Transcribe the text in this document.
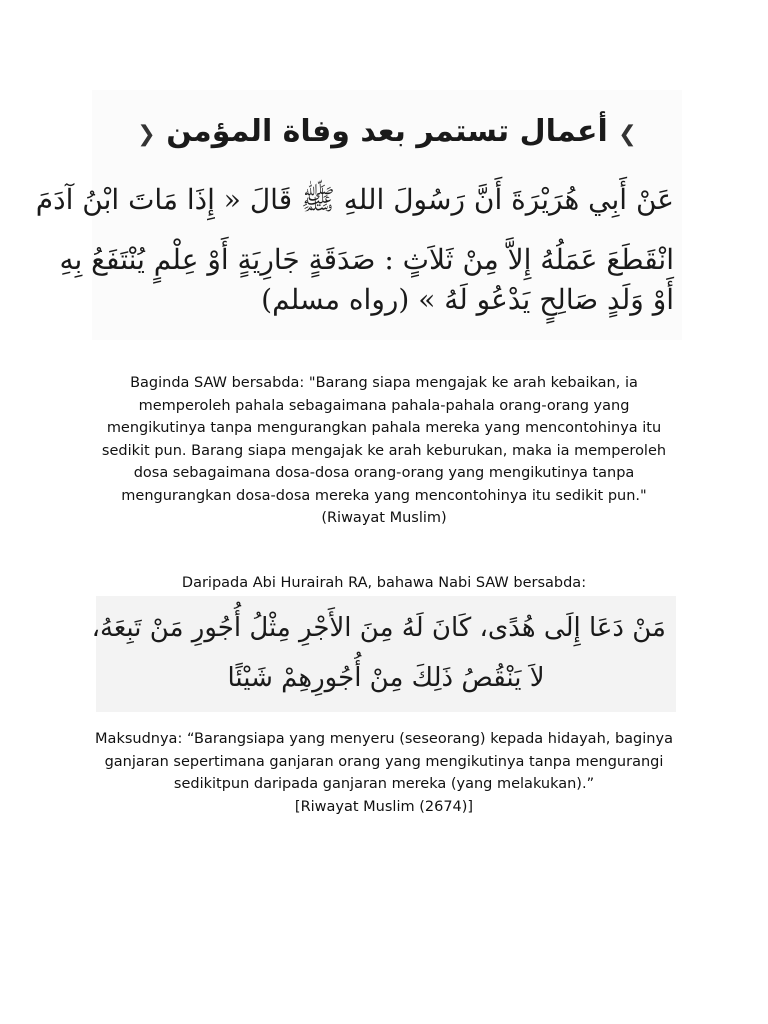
❯ أعمال تستمر بعد وفاة المؤمن ❮
عَنْ أَبِي هُرَيْرَةَ أَنَّ رَسُولَ اللهِ ﷺ قَالَ « إِذَا مَاتَ ابْنُ آدَمَ
انْقَطَعَ عَمَلُهُ إِلاَّ مِنْ ثَلاَثٍ : صَدَقَةٍ جَارِيَةٍ أَوْ عِلْمٍ يُنْتَفَعُ بِهِ
أَوْ وَلَدٍ صَالِحٍ يَدْعُو لَهُ » (رواه مسلم)
Baginda SAW bersabda: "Barang siapa mengajak ke arah kebaikan, ia
memperoleh pahala sebagaimana pahala-pahala orang-orang yang
mengikutinya tanpa mengurangkan pahala mereka yang mencontohinya itu
sedikit pun. Barang siapa mengajak ke arah keburukan, maka ia memperoleh
dosa sebagaimana dosa-dosa orang-orang yang mengikutinya tanpa
mengurangkan dosa-dosa mereka yang mencontohinya itu sedikit pun."
(Riwayat Muslim)
Daripada Abi Hurairah RA, bahawa Nabi SAW bersabda:
مَنْ دَعَا إِلَى هُدًى، كَانَ لَهُ مِنَ الأَجْرِ مِثْلُ أُجُورِ مَنْ تَبِعَهُ،
لاَ يَنْقُصُ ذَلِكَ مِنْ أُجُورِهِمْ شَيْئًا
Maksudnya: “Barangsiapa yang menyeru (seseorang) kepada hidayah, baginya
ganjaran sepertimana ganjaran orang yang mengikutinya tanpa mengurangi
sedikitpun daripada ganjaran mereka (yang melakukan).”
[Riwayat Muslim (2674)]
